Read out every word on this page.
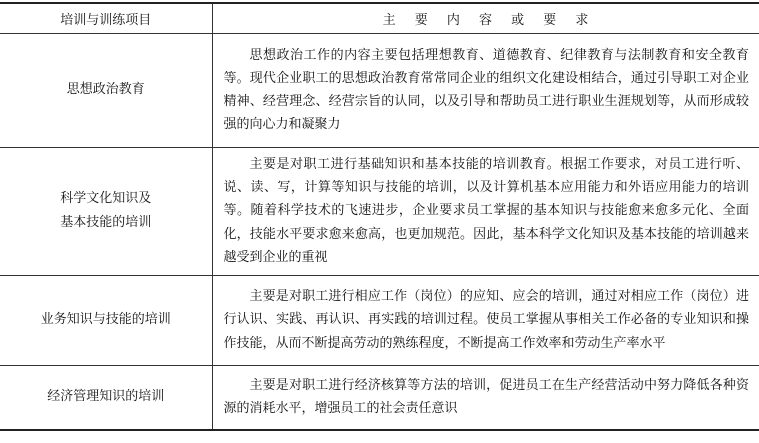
培训与训练项目	主 要 内 容 或 要 求

思想政治教育	思想政治工作的内容主要包括理想教育、道德教育、纪律教育与法制教育和安全教育等。现代企业职工的思想政治教育常常同企业的组织文化建设相结合，通过引导职工对企业精神、经营理念、经营宗旨的认同，以及引导和帮助员工进行职业生涯规划等，从而形成较强的向心力和凝聚力

科学文化知识及
基本技能的培训	主要是对职工进行基础知识和基本技能的培训教育。根据工作要求，对员工进行听、说、读、写，计算等知识与技能的培训，以及计算机基本应用能力和外语应用能力的培训等。随着科学技术的飞速进步，企业要求员工掌握的基本知识与技能愈来愈多元化、全面化，技能水平要求愈来愈高，也更加规范。因此，基本科学文化知识及基本技能的培训越来越受到企业的重视

业务知识与技能的培训	主要是对职工进行相应工作（岗位）的应知、应会的培训，通过对相应工作（岗位）进行认识、实践、再认识、再实践的培训过程。使员工掌握从事相关工作必备的专业知识和操作技能，从而不断提高劳动的熟练程度，不断提高工作效率和劳动生产率水平

经济管理知识的培训	主要是对职工进行经济核算等方法的培训，促进员工在生产经营活动中努力降低各种资源的消耗水平，增强员工的社会责任意识
